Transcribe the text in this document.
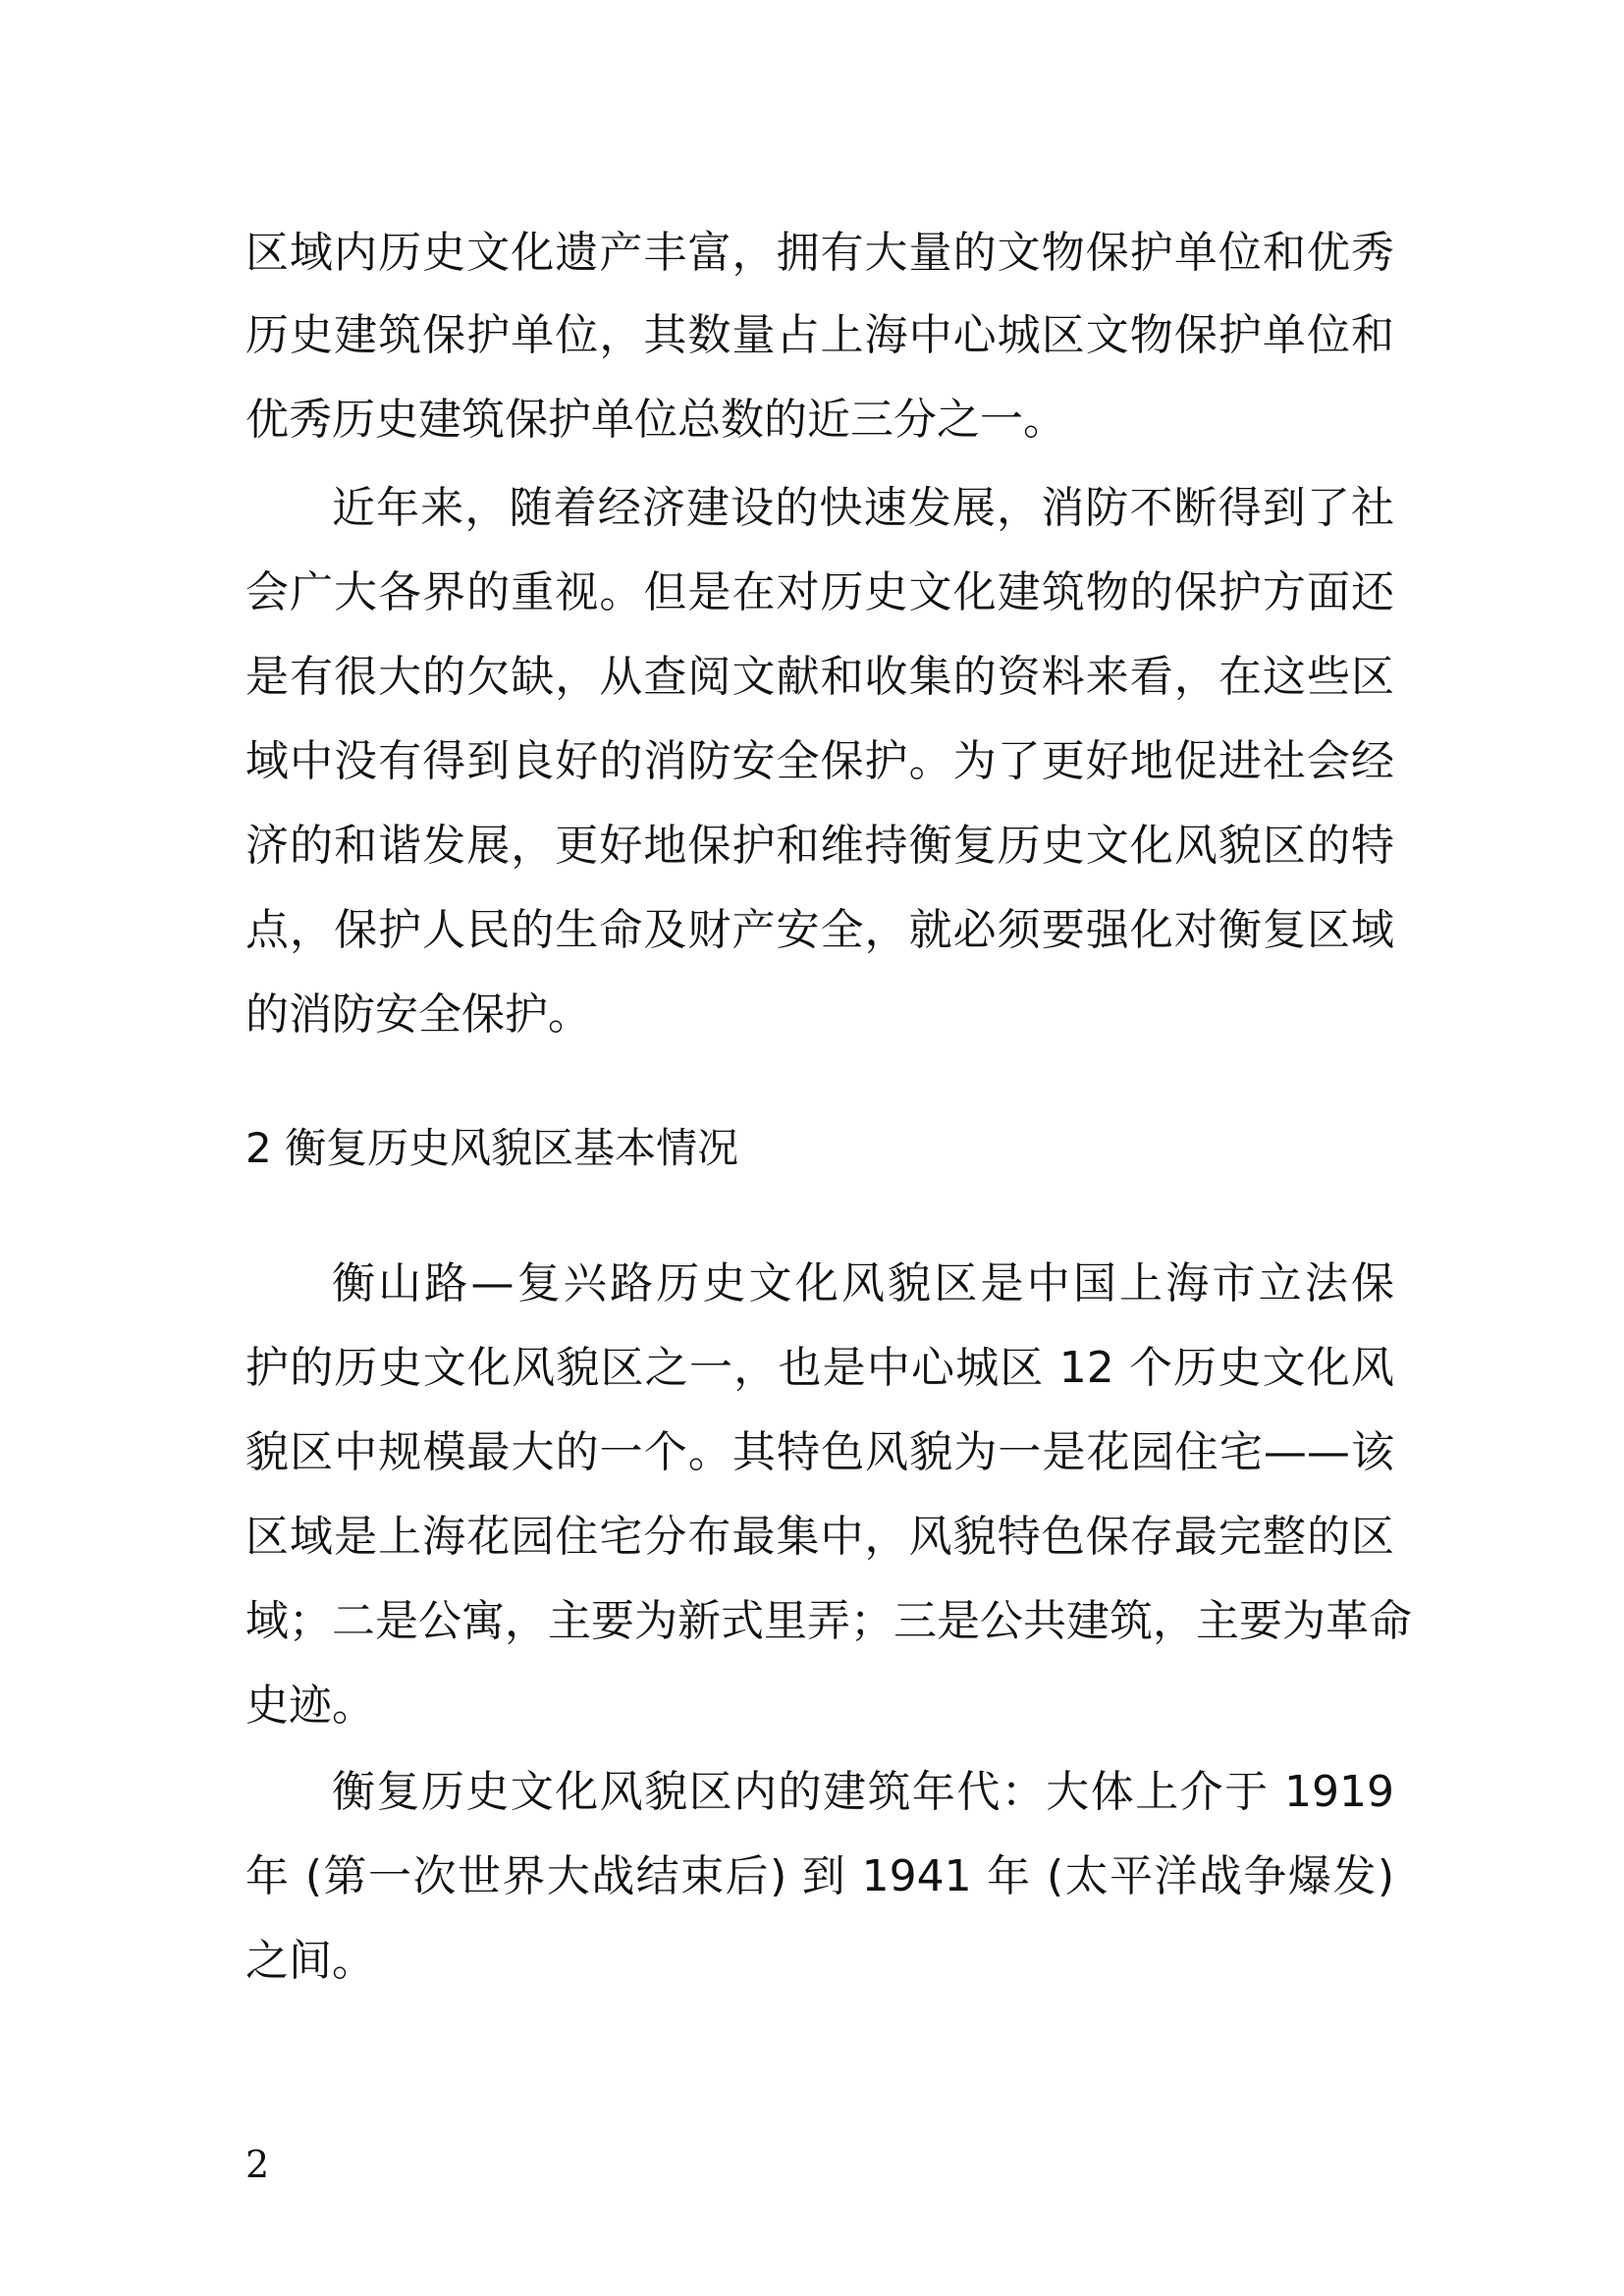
区域内历史文化遗产丰富，拥有大量的文物保护单位和优秀

历史建筑保护单位，其数量占上海中心城区文物保护单位和

优秀历史建筑保护单位总数的近三分之一。

近年来，随着经济建设的快速发展，消防不断得到了社

会广大各界的重视。但是在对历史文化建筑物的保护方面还

是有很大的欠缺，从查阅文献和收集的资料来看，在这些区

域中没有得到良好的消防安全保护。为了更好地促进社会经

济的和谐发展，更好地保护和维持衡复历史文化风貌区的特

点，保护人民的生命及财产安全，就必须要强化对衡复区域

的消防安全保护。

2 衡复历史风貌区基本情况

衡山路—复兴路历史文化风貌区是中国上海市立法保

护的历史文化风貌区之一，也是中心城区 12 个历史文化风

貌区中规模最大的一个。其特色风貌为一是花园住宅——该

区域是上海花园住宅分布最集中，风貌特色保存最完整的区

域；二是公寓，主要为新式里弄；三是公共建筑，主要为革命

史迹。

衡复历史文化风貌区内的建筑年代：大体上介于 1919

年 (第一次世界大战结束后) 到 1941 年 (太平洋战争爆发)

之间。

2
